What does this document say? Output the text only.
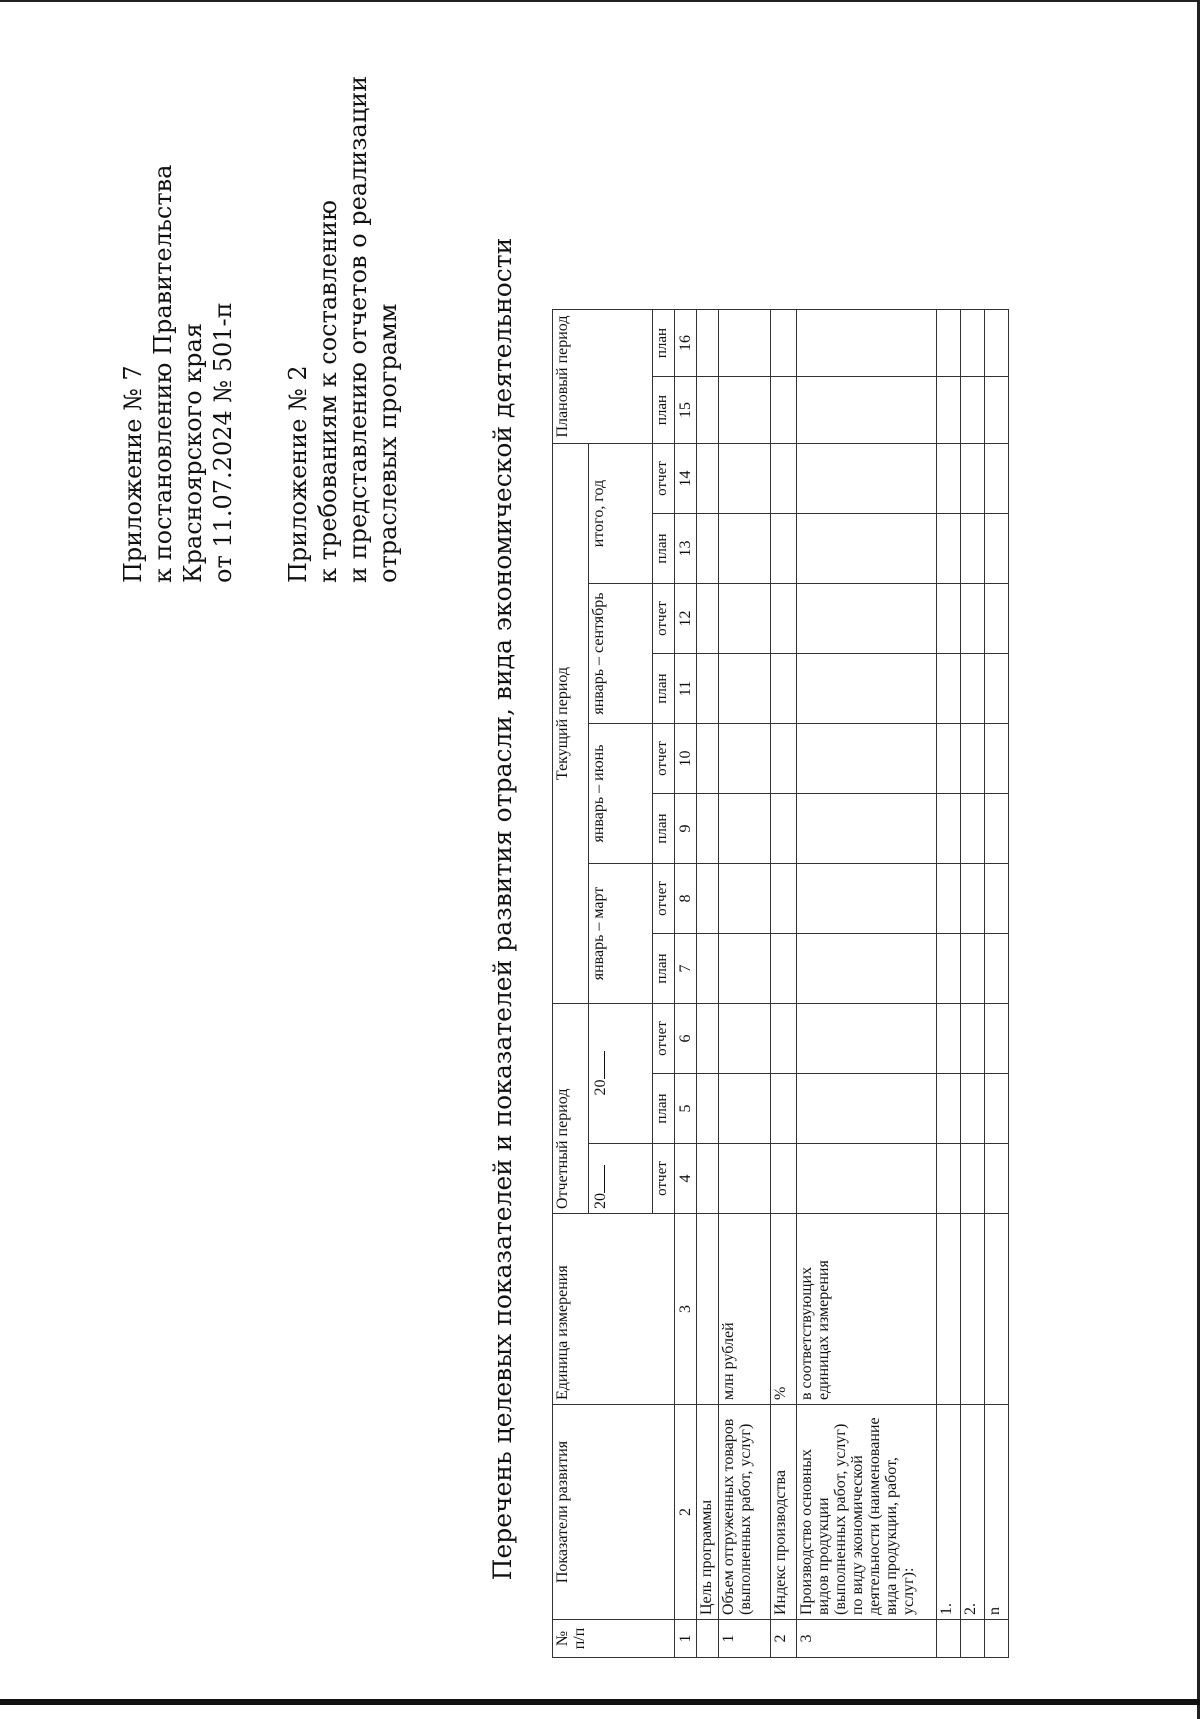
Приложение № 7 к постановлению Правительства Красноярского края от 11.07.2024 № 501-п Приложение № 2 к требованиям к составлению и представлению отчетов о реализации отраслевых программ	Перечень целевых показателей и показателей развития отрасли, вида экономической деятельности
№ п/п	Показатели развития	Единица измерения	Отчетный период			Текущий период								Плановый период	
			20	20		январь – март		январь – июнь		январь – сентябрь		итого, год			
			отчет	план	отчет	план	отчет	план	отчет	план	отчет	план	отчет	план	план
1	2	3	4	5	6	7	8	9	10	11	12	13	14	15	16
	Цель программы														
1	Объем отгруженных товаров (выполненных работ, услуг)	млн рублей													
2	Индекс производства	%													
3	Производство основных видов продукции (выполненных работ, услуг) по виду экономической деятельности (наименование вида продукции, работ, услуг):	в соответствующих единицах измерения													
	1.														
	2.														
	n														
